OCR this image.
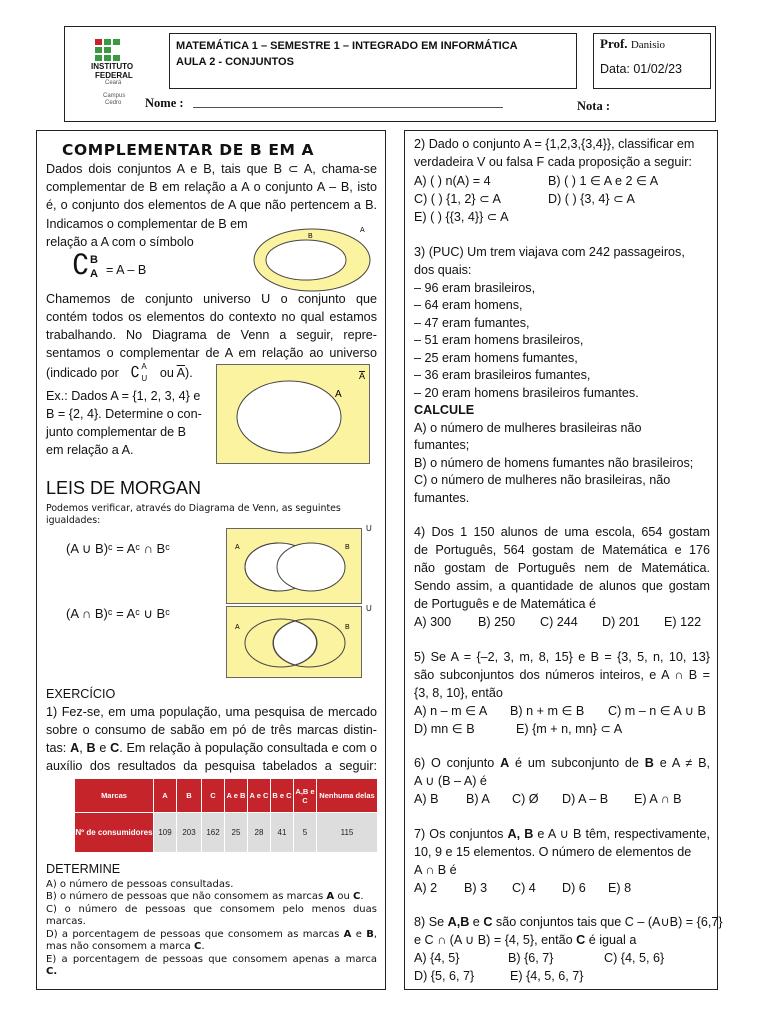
INSTITUTO
FEDERAL
Ceará
Campus
Cedro
MATEMÁTICA 1 – SEMESTRE 1 – INTEGRADO EM INFORMÁTICA
AULA 2 - CONJUNTOS
Prof. Danisio
Data: 01/02/23
Nome :	Nota :
COMPLEMENTAR DE B EM A
Dados dois conjuntos A e B, tais que B ⊂ A, chama-se
complementar de B em relação a A o conjunto A – B, isto
é, o conjunto dos elementos de A que não pertencem a B.
Indicamos o complementar de B em
relação a A com o símbolo
∁ B
A = A – B
B
A
Chamemos de conjunto universo U o conjunto que
contém todos os elementos do contexto no qual estamos
trabalhando. No Diagrama de Venn a seguir, repre-
sentamos o complementar de A em relação ao universo
(indicado por ∁ A
U ou $\overline{A}$).
A
A
Ex.: Dados A = {1, 2, 3, 4} e
B = {2, 4}. Determine o con-
junto complementar de B
em relação a A.
LEIS DE MORGAN
Podemos verificar, através do Diagrama de Venn, as seguintes
igualdades:
(A ∪ B)ᶜ = Aᶜ ∩ Bᶜ
(A ∩ B)ᶜ = Aᶜ ∪ Bᶜ
A	B
U
A	B
U
EXERCÍCIO
1) Fez-se, em uma população, uma pesquisa de mercado
sobre o consumo de sabão em pó de três marcas distin-
tas: A, B e C. Em relação à população consultada e com o
auxílio dos resultados da pesquisa tabelados a seguir:
Marcas	A	B	C	A e B	A e C	B e C	A,B e C	Nenhuma delas
Nº de consumidores	109	203	162	25	28	41	5	115
DETERMINE
A) o número de pessoas consultadas.
B) o número de pessoas que não consomem as marcas A ou C.
C) o número de pessoas que consomem pelo menos duas
marcas.
D) a porcentagem de pessoas que consomem as marcas A e B,
mas não consomem a marca C.
E) a porcentagem de pessoas que consomem apenas a marca
C.
2) Dado o conjunto A = {1,2,3,{3,4}}, classificar em
verdadeira V ou falsa F cada proposição a seguir:
A) ( ) n(A) = 4	B) ( ) 1 ∈ A e 2 ∈ A
C) ( ) {1, 2} ⊂ A	D) ( ) {3, 4} ⊂ A
E) ( ) {{3, 4}} ⊂ A
3) (PUC) Um trem viajava com 242 passageiros,
dos quais:
– 96 eram brasileiros,
– 64 eram homens,
– 47 eram fumantes,
– 51 eram homens brasileiros,
– 25 eram homens fumantes,
– 36 eram brasileiros fumantes,
– 20 eram homens brasileiros fumantes.
CALCULE
A) o número de mulheres brasileiras não
fumantes;
B) o número de homens fumantes não brasileiros;
C) o número de mulheres não brasileiras, não
fumantes.
4) Dos 1 150 alunos de uma escola, 654 gostam
de Português, 564 gostam de Matemática e 176
não gostam de Português nem de Matemática.
Sendo assim, a quantidade de alunos que gostam
de Português e de Matemática é
A) 300 B) 250 C) 244 D) 201 E) 122
5) Se A = {–2, 3, m, 8, 15} e B = {3, 5, n, 10, 13}
são subconjuntos dos números inteiros, e A ∩ B =
{3, 8, 10}, então
A) n – m ∈ A B) n + m ∈ B C) m – n ∈ A ∪ B
D) mn ∈ B	E) {m + n, mn} ⊂ A
6) O conjunto A é um subconjunto de B e A ≠ B,
A ∪ (B – A) é
A) B B) A C) Ø D) A – B E) A ∩ B
7) Os conjuntos A, B e A ∪ B têm, respectivamente,
10, 9 e 15 elementos. O número de elementos de
A ∩ B é
A) 2 B) 3 C) 4 D) 6 E) 8
8) Se A,B e C são conjuntos tais que C – (A∪B) = {6,7}
e C ∩ (A ∪ B) = {4, 5}, então C é igual a
A) {4, 5}	B) {6, 7}	C) {4, 5, 6}
D) {5, 6, 7}	E) {4, 5, 6, 7}
